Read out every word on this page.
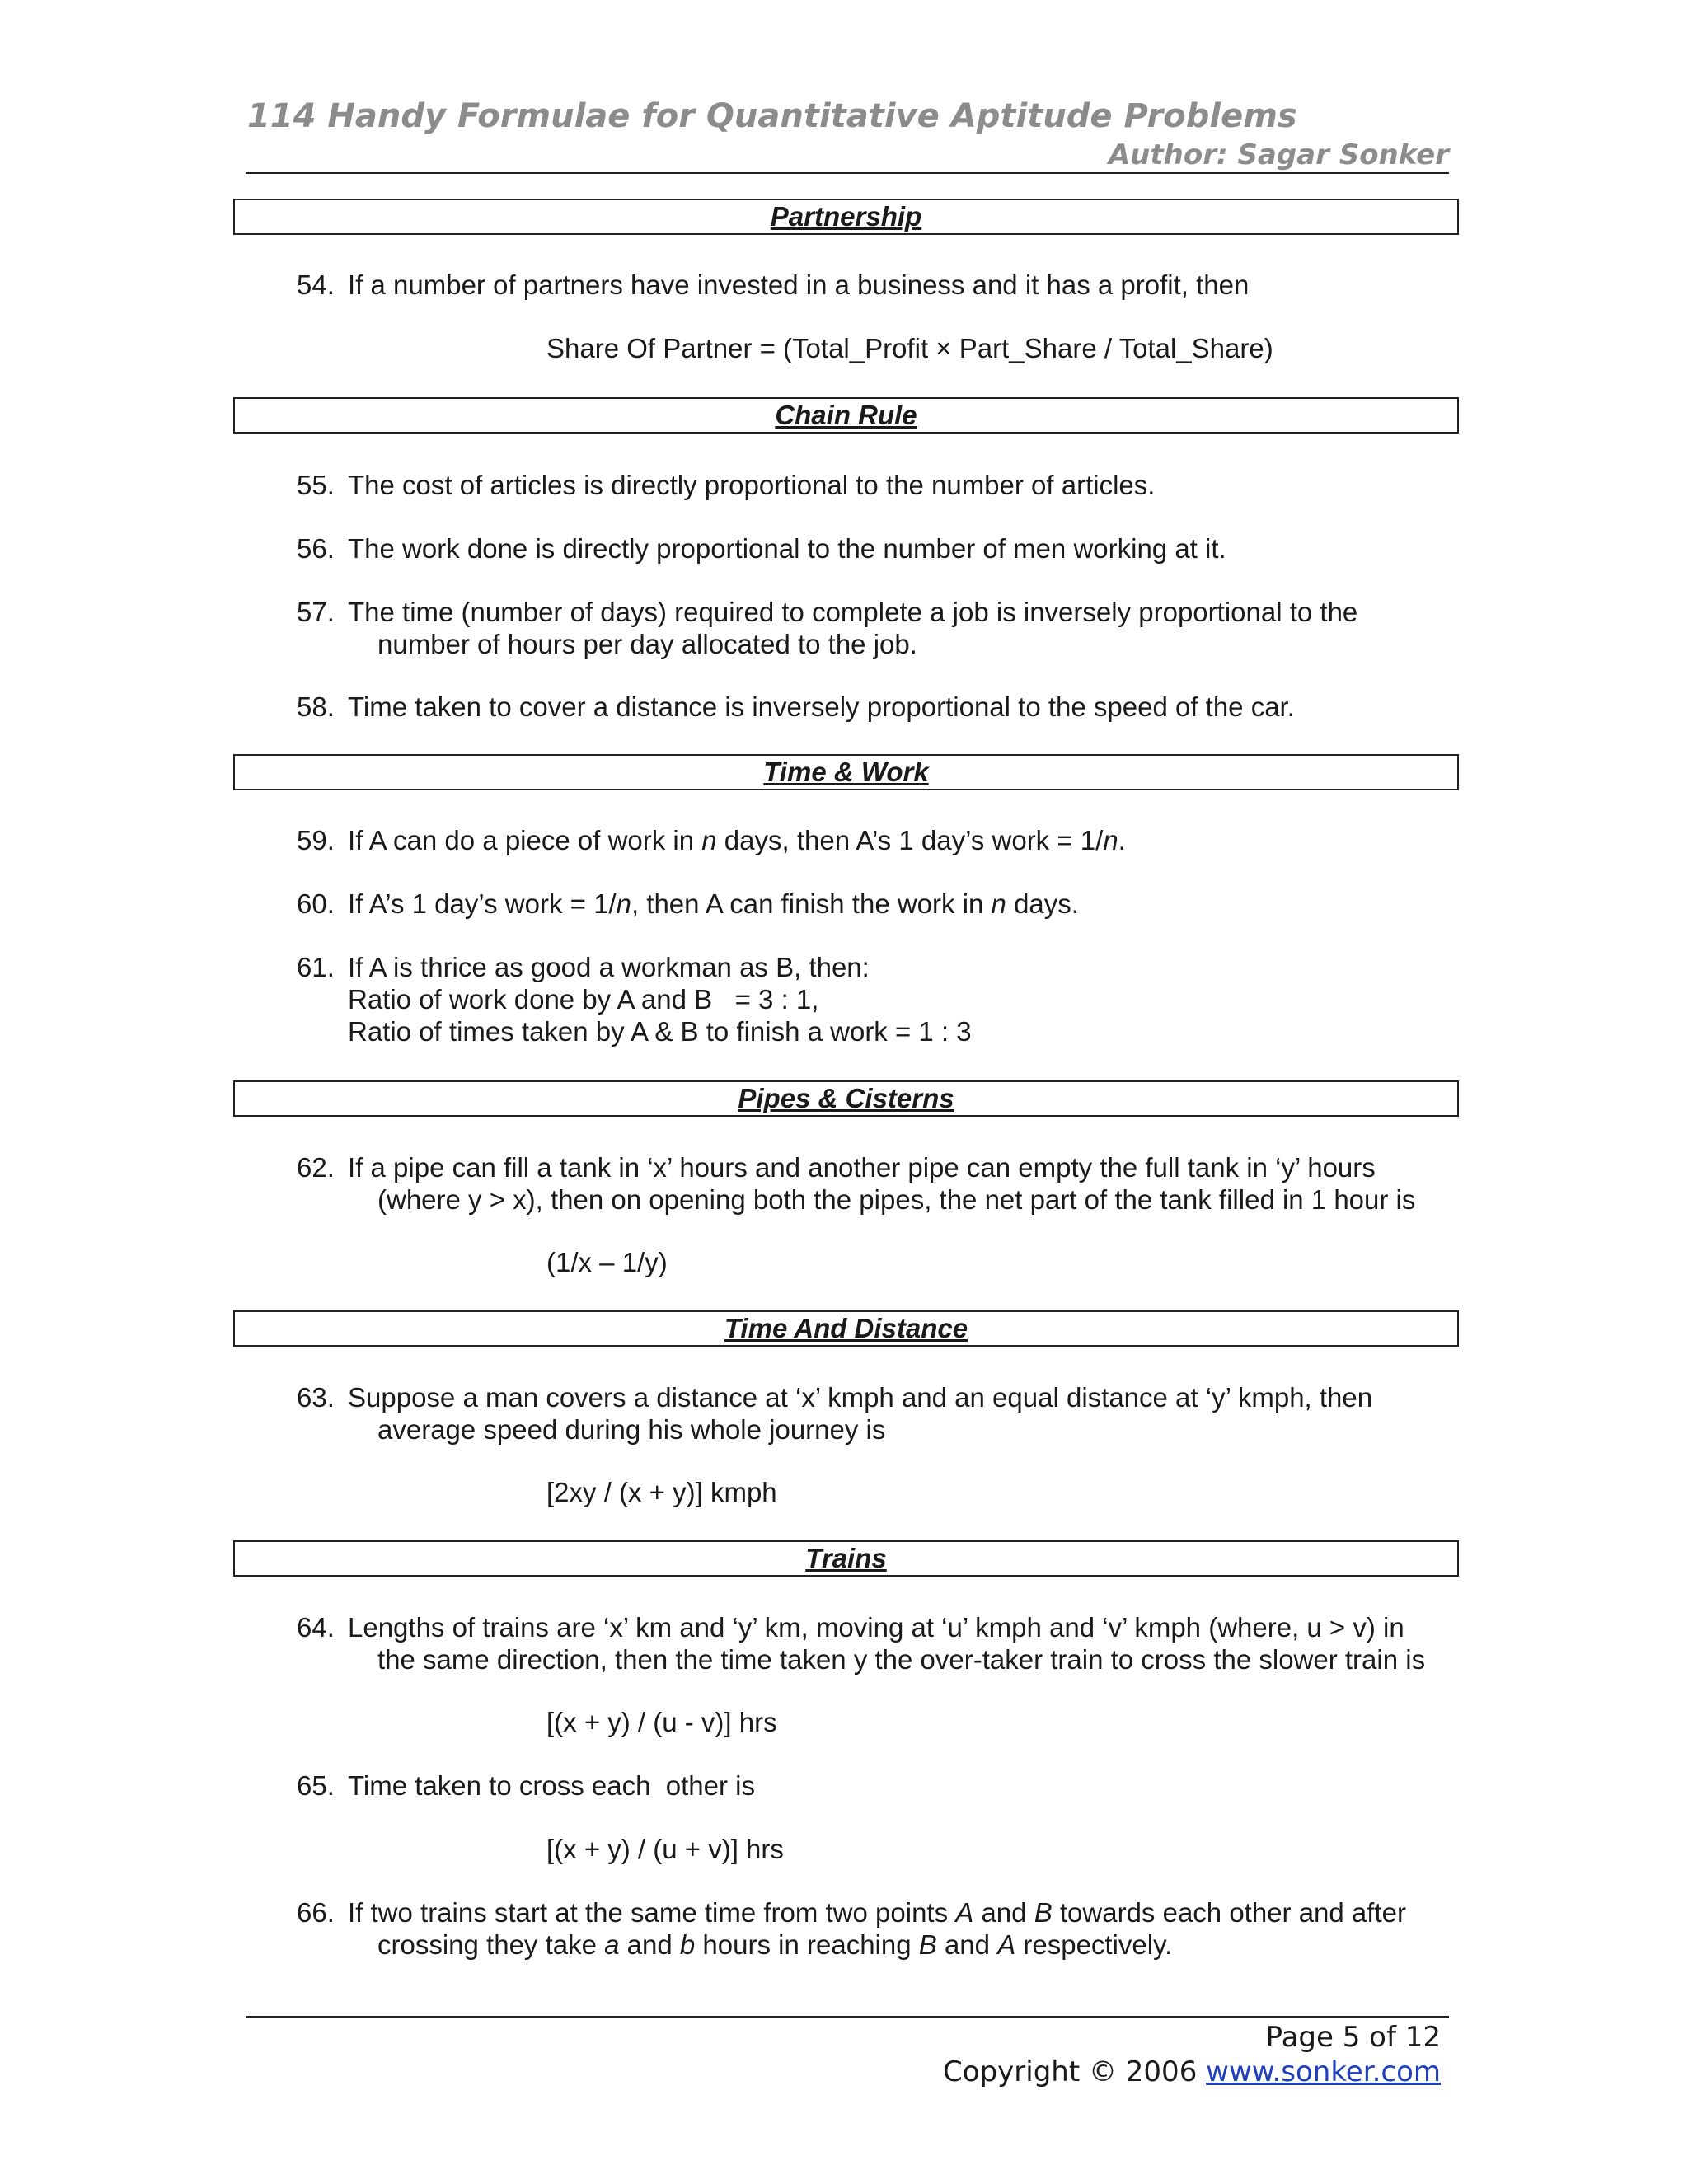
114 Handy Formulae for Quantitative Aptitude Problems
Author: Sagar Sonker
Partnership
54. If a number of partners have invested in a business and it has a profit, then
Share Of Partner = (Total_Profit × Part_Share / Total_Share)
Chain Rule
55. The cost of articles is directly proportional to the number of articles.
56. The work done is directly proportional to the number of men working at it.
57. The time (number of days) required to complete a job is inversely proportional to the
number of hours per day allocated to the job.
58. Time taken to cover a distance is inversely proportional to the speed of the car.
Time & Work
59. If A can do a piece of work in n days, then A’s 1 day’s work = 1/n.
60. If A’s 1 day’s work = 1/n, then A can finish the work in n days.
61. If A is thrice as good a workman as B, then:
Ratio of work done by A and B   = 3 : 1,
Ratio of times taken by A & B to finish a work = 1 : 3
Pipes & Cisterns
62. If a pipe can fill a tank in ‘x’ hours and another pipe can empty the full tank in ‘y’ hours
(where y > x), then on opening both the pipes, the net part of the tank filled in 1 hour is
(1/x – 1/y)
Time And Distance
63. Suppose a man covers a distance at ‘x’ kmph and an equal distance at ‘y’ kmph, then
average speed during his whole journey is
[2xy / (x + y)] kmph
Trains
64. Lengths of trains are ‘x’ km and ‘y’ km, moving at ‘u’ kmph and ‘v’ kmph (where, u > v) in
the same direction, then the time taken y the over-taker train to cross the slower train is
[(x + y) / (u - v)] hrs
65. Time taken to cross each  other is
[(x + y) / (u + v)] hrs
66. If two trains start at the same time from two points A and B towards each other and after
crossing they take a and b hours in reaching B and A respectively.
Page 5 of 12
Copyright © 2006 www.sonker.com
